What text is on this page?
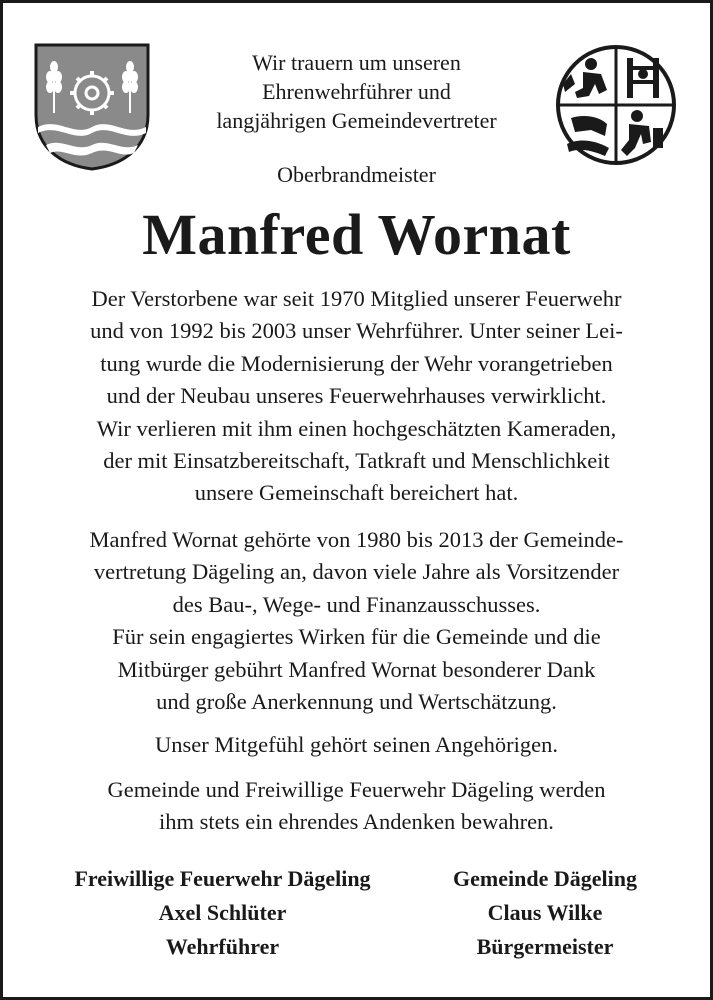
Wir trauern um unseren
Ehrenwehrführer und
langjährigen Gemeindevertreter
Oberbrandmeister
Manfred Wornat
Der Verstorbene war seit 1970 Mitglied unserer Feuerwehr
und von 1992 bis 2003 unser Wehrführer. Unter seiner Lei-
tung wurde die Modernisierung der Wehr vorangetrieben
und der Neubau unseres Feuerwehrhauses verwirklicht.
Wir verlieren mit ihm einen hochgeschätzten Kameraden,
der mit Einsatzbereitschaft, Tatkraft und Menschlichkeit
unsere Gemeinschaft bereichert hat.
Manfred Wornat gehörte von 1980 bis 2013 der Gemeinde-
vertretung Dägeling an, davon viele Jahre als Vorsitzender
des Bau-, Wege- und Finanzausschusses.
Für sein engagiertes Wirken für die Gemeinde und die
Mitbürger gebührt Manfred Wornat besonderer Dank
und große Anerkennung und Wertschätzung.
Unser Mitgefühl gehört seinen Angehörigen.
Gemeinde und Freiwillige Feuerwehr Dägeling werden
ihm stets ein ehrendes Andenken bewahren.
Freiwillige Feuerwehr Dägeling
Axel Schlüter
Wehrführer
Gemeinde Dägeling
Claus Wilke
Bürgermeister
